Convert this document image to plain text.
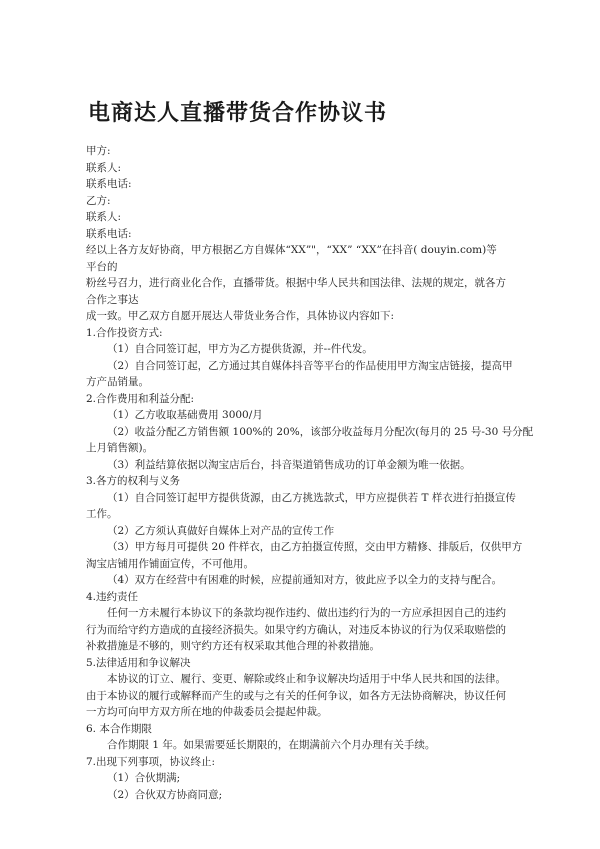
电商达人直播带货合作协议书
甲方:
联系人:
联系电话:
乙方:
联系人:
联系电话:
经以上各方友好协商，甲方根据乙方自媒体“XX”"，“XX” “XX”在抖音( douyin.com)等
平台的
粉丝号召力，进行商业化合作，直播带货。根据中华人民共和国法律、法规的规定，就各方
合作之事达
成一致。甲乙双方自愿开展达人带货业务合作，具体协议内容如下:
1.合作投资方式:
（1）自合同签订起，甲方为乙方提供货源，并--件代发。
（2）自合同签订起，乙方通过其自媒体抖音等平台的作品使用甲方淘宝店链接，提高甲
方产品销量。
2.合作费用和利益分配:
（1）乙方收取基础费用 3000/月
（2）收益分配乙方销售额 100%的 20%，该部分收益每月分配次(每月的 25 号-30 号分配
上月销售额)。
（3）利益结算依据以淘宝店后台，抖音渠道销售成功的订单金额为唯一依据。
3.各方的权利与义务
（1）自合同签订起甲方提供货源，由乙方挑选款式，甲方应提供若 T 样衣进行拍摄宣传
工作。
（2）乙方须认真做好自媒体上对产品的宣传工作
（3）甲方每月可提供 20 件样衣，由乙方拍摄宣传照，交由甲方精修、排版后，仅供甲方
淘宝店铺用作铺面宣传，不可他用。
（4）双方在经营中有困难的时候，应提前通知对方，彼此应予以全力的支持与配合。
4.违约责任
任何一方未履行本协议下的条款均视作违约、做出违约行为的一方应承担因自己的违约
行为而给守约方造成的直接经济损失。如果守约方确认，对违反本协议的行为仅采取赔偿的
补救措施是不够的，则守约方还有权采取其他合理的补救措施。
5.法律适用和争议解决
本协议的订立、履行、变更、解除或终止和争议解决均适用于中华人民共和国的法律。
由于本协议的履行或解释而产生的或与之有关的任何争议，如各方无法协商解决，协议任何
一方均可向甲方双方所在地的仲裁委员会提起仲裁。
6. 本合作期限
合作期限 1 年。如果需要延长期限的，在期满前六个月办理有关手续。
7.出现下列事项，协议终止:
（1）合伙期满;
（2）合伙双方协商同意;
